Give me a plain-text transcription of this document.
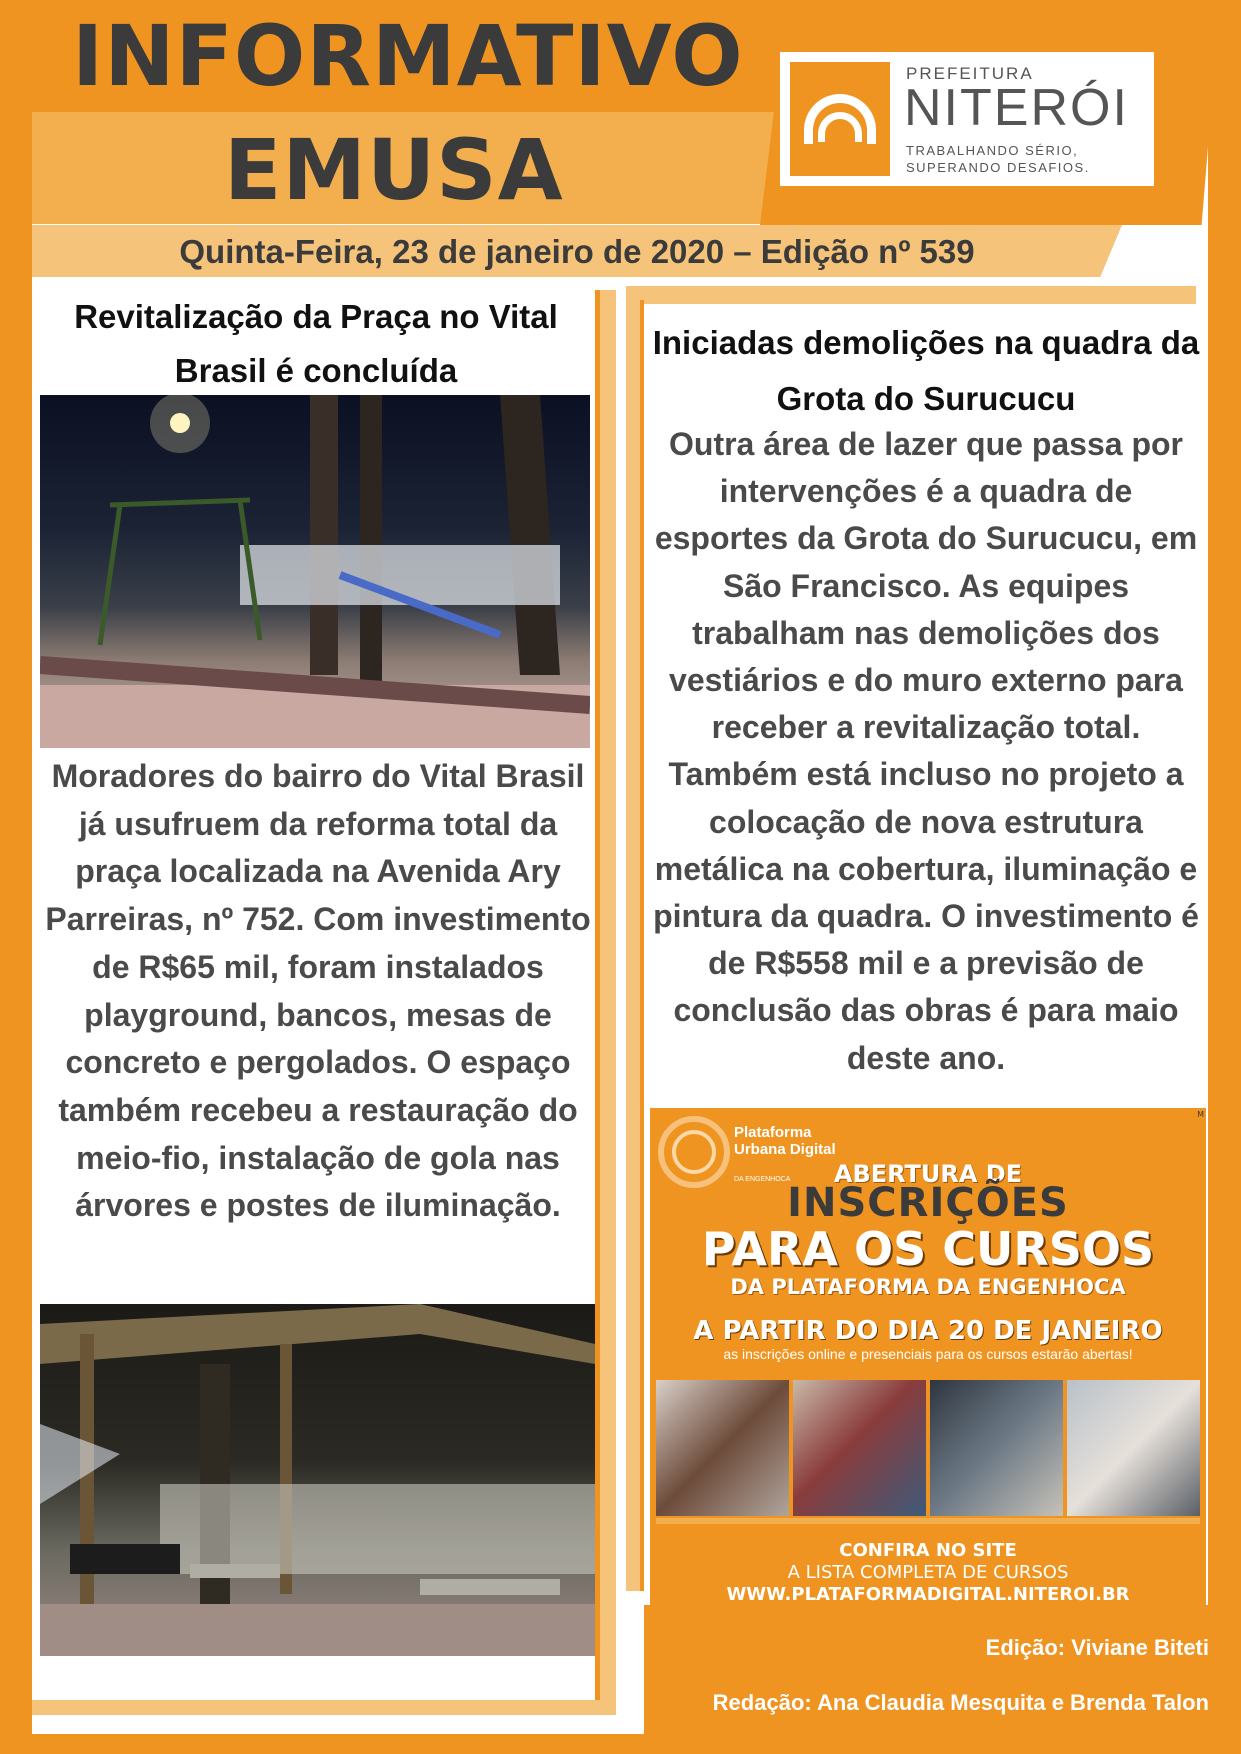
INFORMATIVO
EMUSA
PREFEITURA
NITERÓI
TRABALHANDO SÉRIO,
SUPERANDO DESAFIOS.
Quinta-Feira, 23 de janeiro de 2020 – Edição nº 539
Revitalização da Praça no Vital Brasil é concluída
Moradores do bairro do Vital Brasil já usufruem da reforma total da praça localizada na Avenida Ary Parreiras, nº 752. Com investimento de R$65 mil, foram instalados playground, bancos, mesas de concreto e pergolados. O espaço também recebeu a restauração do meio-fio, instalação de gola nas árvores e postes de iluminação.
Iniciadas demolições na quadra da Grota do Surucucu
Outra área de lazer que passa por intervenções é a quadra de esportes da Grota do Surucucu, em São Francisco. As equipes trabalham nas demolições dos vestiários e do muro externo para receber a revitalização total. Também está incluso no projeto a colocação de nova estrutura metálica na cobertura, iluminação e pintura da quadra. O investimento é de R$558 mil e a previsão de conclusão das obras é para maio deste ano.
Plataforma Urbana Digital
DA ENGENHOCA
M
ABERTURA DE
INSCRIÇÕES
PARA OS CURSOS
DA PLATAFORMA DA ENGENHOCA
A PARTIR DO DIA 20 DE JANEIRO
as inscrições online e presenciais para os cursos estarão abertas!
CONFIRA NO SITE
A LISTA COMPLETA DE CURSOS
WWW.PLATAFORMADIGITAL.NITEROI.BR
Edição: Viviane Biteti
Redação: Ana Claudia Mesquita e Brenda Talon
